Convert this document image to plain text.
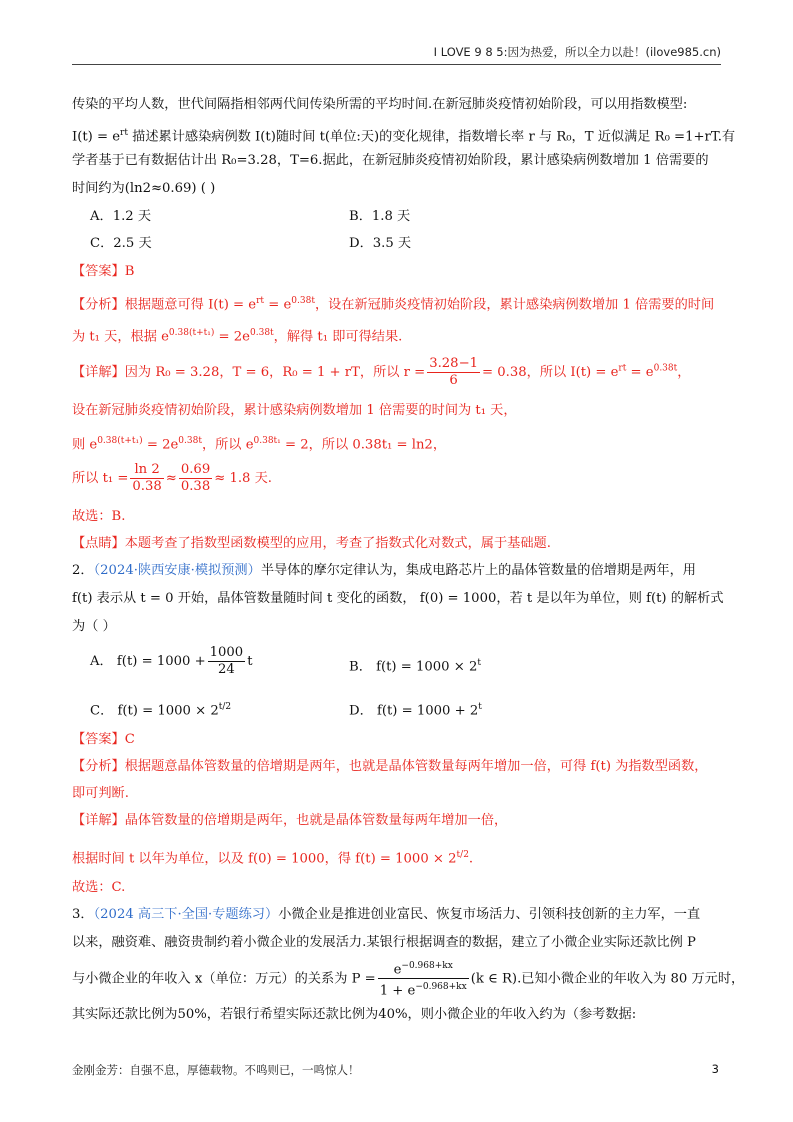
I LOVE 9 8 5:因为热爱，所以全力以赴！(ilove985.cn)
传染的平均人数，世代间隔指相邻两代间传染所需的平均时间.在新冠肺炎疫情初始阶段，可以用指数模型:
$I(t) = e^{rt}$ 描述累计感染病例数 I(t)随时间 t(单位:天)的变化规律，指数增长率 r 与 R₀，T 近似满足 R₀ =1+rT.有
学者基于已有数据估计出 R₀=3.28，T=6.据此，在新冠肺炎疫情初始阶段，累计感染病例数增加 1 倍需要的
时间约为(ln2≈0.69) ( )
A．1.2 天	B．1.8 天
C．2.5 天	D．3.5 天
【答案】B
【分析】根据题意可得 $I(t) = e^{rt} = e^{0.38t}$，设在新冠肺炎疫情初始阶段，累计感染病例数增加 1 倍需要的时间
为 t₁ 天，根据 $e^{0.38(t+t_1)} = 2e^{0.38t}$，解得 t₁ 即可得结果.
【详解】因为 R₀ = 3.28，T = 6，R₀ = 1 + rT，所以 $r = \frac{3.28-1}{6} = 0.38$，所以 $I(t) = e^{rt} = e^{0.38t}$，
设在新冠肺炎疫情初始阶段，累计感染病例数增加 1 倍需要的时间为 t₁ 天，
则 $e^{0.38(t+t_1)} = 2e^{0.38t}$，所以 $e^{0.38t_1} = 2$，所以 0.38t₁ = ln2，
所以 $t_1 = \frac{\ln 2}{0.38} \approx \frac{0.69}{0.38} \approx 1.8$ 天.
故选：B.
【点睛】本题考查了指数型函数模型的应用，考查了指数式化对数式，属于基础题.
2．（2024·陕西安康·模拟预测）半导体的摩尔定律认为，集成电路芯片上的晶体管数量的倍增期是两年，用
f(t) 表示从 t = 0 开始，晶体管数量随时间 t 变化的函数， f(0) = 1000，若 t 是以年为单位，则 f(t) 的解析式
为（ ）
A． $f(t) = 1000 + \frac{1000}{24}$ t	B． $f(t) = 1000 \times 2^t$
C． $f(t) = 1000 \times 2^{t/2}$	D． $f(t) = 1000 + 2^t$
【答案】C
【分析】根据题意晶体管数量的倍增期是两年，也就是晶体管数量每两年增加一倍，可得 f(t) 为指数型函数，
即可判断.
【详解】晶体管数量的倍增期是两年，也就是晶体管数量每两年增加一倍，
根据时间 t 以年为单位，以及 f(0) = 1000，得 $f(t) = 1000 \times 2^{t/2}$.
故选：C.
3．（2024 高三下·全国·专题练习）小微企业是推进创业富民、恢复市场活力、引领科技创新的主力军，一直
以来，融资难、融资贵制约着小微企业的发展活力.某银行根据调查的数据，建立了小微企业实际还款比例 P
与小微企业的年收入 x（单位：万元）的关系为 $P = \frac{e^{-0.968+kx}}{1 + e^{-0.968+kx}} (k$ ∈ R).已知小微企业的年收入为 80 万元时，
其实际还款比例为50%，若银行希望实际还款比例为40%，则小微企业的年收入约为（参考数据:
金刚金芳：自强不息，厚德载物。不鸣则已，一鸣惊人！	3
